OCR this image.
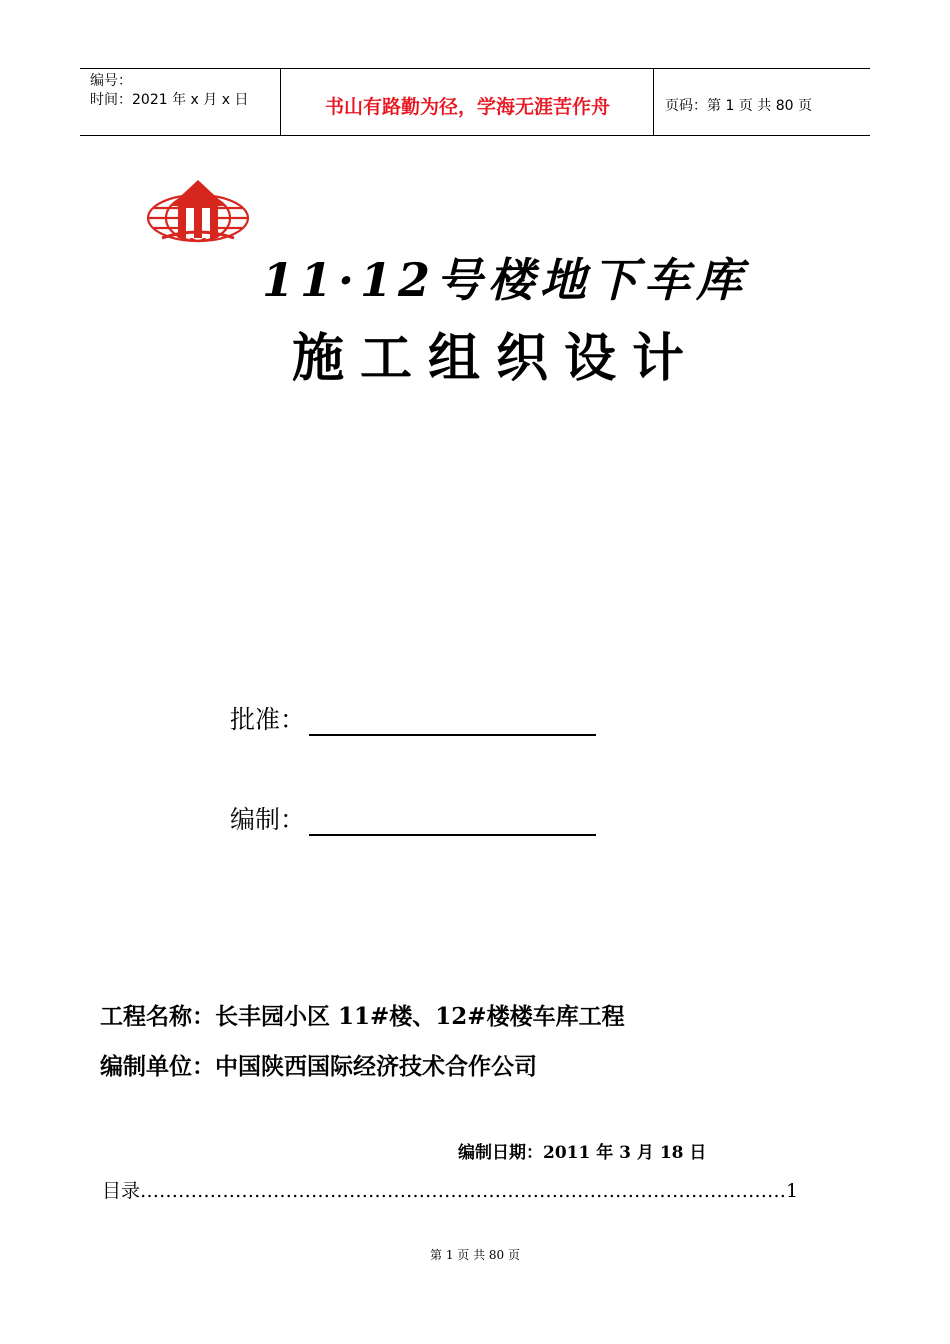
编号：
时间：2021 年 x 月 x 日	书山有路勤为径，学海无涯苦作舟	页码：第 1 页 共 80 页
11·12号楼地下车库
施工组织设计
批准：
编制：
工程名称：长丰园小区 11#楼、12#楼楼车库工程
编制单位：中国陕西国际经济技术合作公司
编制日期：2011 年 3 月 18 日
目录…………………………………………………………………………………………1
第 1 页 共 80 页
